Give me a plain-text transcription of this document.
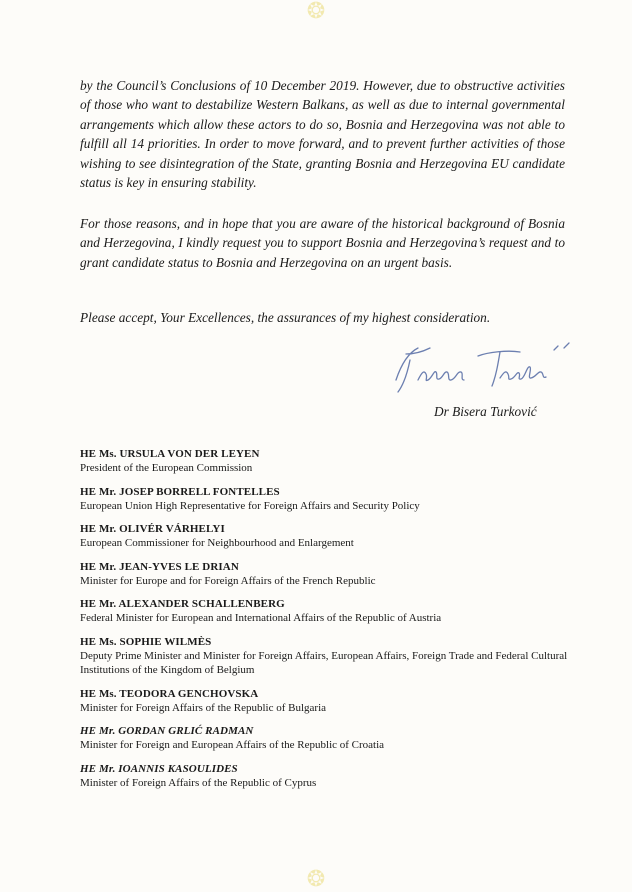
❂

by the Council’s Conclusions of 10 December 2019. However, due to obstructive activities of those who want to destabilize Western Balkans, as well as due to internal governmental arrangements which allow these actors to do so, Bosnia and Herzegovina was not able to fulfill all 14 priorities. In order to move forward, and to prevent further activities of those wishing to see disintegration of the State, granting Bosnia and Herzegovina EU candidate status is key in ensuring stability.

For those reasons, and in hope that you are aware of the historical background of Bosnia and Herzegovina, I kindly request you to support Bosnia and Herzegovina’s request and to grant candidate status to Bosnia and Herzegovina on an urgent basis.

Please accept, Your Excellences, the assurances of my highest consideration.

Dr Bisera Turković
HE Ms. URSULA VON DER LEYEN
President of the European Commission
HE Mr. JOSEP BORRELL FONTELLES
European Union High Representative for Foreign Affairs and Security Policy
HE Mr. OLIVÉR VÁRHELYI
European Commissioner for Neighbourhood and Enlargement
HE Mr. JEAN-YVES LE DRIAN
Minister for Europe and for Foreign Affairs of the French Republic
HE Mr. ALEXANDER SCHALLENBERG
Federal Minister for European and International Affairs of the Republic of Austria
HE Ms. SOPHIE WILMÈS
Deputy Prime Minister and Minister for Foreign Affairs, European Affairs, Foreign Trade and Federal Cultural Institutions of the Kingdom of Belgium
HE Ms. TEODORA GENCHOVSKA
Minister for Foreign Affairs of the Republic of Bulgaria
HE Mr. GORDAN GRLIĆ RADMAN
Minister for Foreign and European Affairs of the Republic of Croatia
HE Mr. IOANNIS KASOULIDES
Minister of Foreign Affairs of the Republic of Cyprus
❂
